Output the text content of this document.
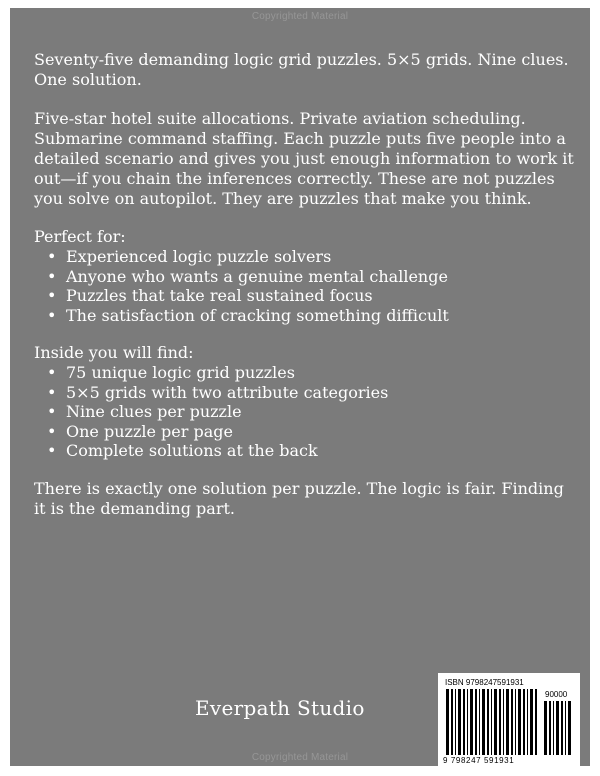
Copyrighted Material

Seventy-five demanding logic grid puzzles. 5×5 grids. Nine clues. One solution.

Five-star hotel suite allocations. Private aviation scheduling. Submarine command staffing. Each puzzle puts five people into a detailed scenario and gives you just enough information to work it out—if you chain the inferences correctly. These are not puzzles you solve on autopilot. They are puzzles that make you think.

Perfect for:

• Experienced logic puzzle solvers
• Anyone who wants a genuine mental challenge
• Puzzles that take real sustained focus
• The satisfaction of cracking something difficult

Inside you will find:

• 75 unique logic grid puzzles
• 5×5 grids with two attribute categories
• Nine clues per puzzle
• One puzzle per page
• Complete solutions at the back

There is exactly one solution per puzzle. The logic is fair. Finding it is the demanding part.

Everpath Studio
ISBN 9798247591931
90000
9 798247 591931
Copyrighted Material
